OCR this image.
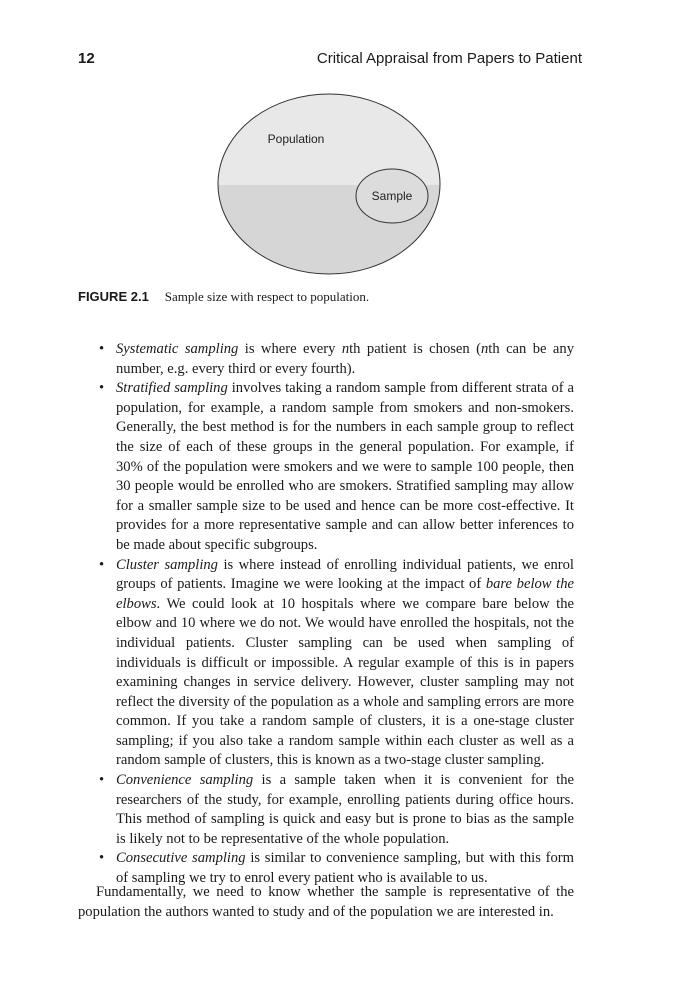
12	Critical Appraisal from Papers to Patient
Population
Sample
FIGURE 2.1 Sample size with respect to population.
• Systematic sampling is where every nth patient is chosen (nth can be any number, e.g. every third or every fourth).
• Stratified sampling involves taking a random sample from different strata of a population, for example, a random sample from smokers and non-smokers. Generally, the best method is for the numbers in each sample group to reflect the size of each of these groups in the general population. For example, if 30% of the population were smokers and we were to sample 100 people, then 30 people would be enrolled who are smokers. Stratified sampling may allow for a smaller sample size to be used and hence can be more cost-effective. It provides for a more representative sample and can allow better inferences to be made about specific subgroups.
• Cluster sampling is where instead of enrolling individual patients, we enrol groups of patients. Imagine we were looking at the impact of bare below the elbows. We could look at 10 hospitals where we compare bare below the elbow and 10 where we do not. We would have enrolled the hospitals, not the individual patients. Cluster sampling can be used when sampling of individuals is difficult or impossible. A regular example of this is in papers examining changes in service delivery. However, cluster sampling may not reflect the diversity of the population as a whole and sampling errors are more common. If you take a random sample of clusters, it is a one-stage cluster sampling; if you also take a random sample within each cluster as well as a random sample of clusters, this is known as a two-stage cluster sampling.
• Convenience sampling is a sample taken when it is convenient for the researchers of the study, for example, enrolling patients during office hours. This method of sampling is quick and easy but is prone to bias as the sample is likely not to be representative of the whole population.
• Consecutive sampling is similar to convenience sampling, but with this form of sampling we try to enrol every patient who is available to us.

Fundamentally, we need to know whether the sample is representative of the population the authors wanted to study and of the population we are interested in.
